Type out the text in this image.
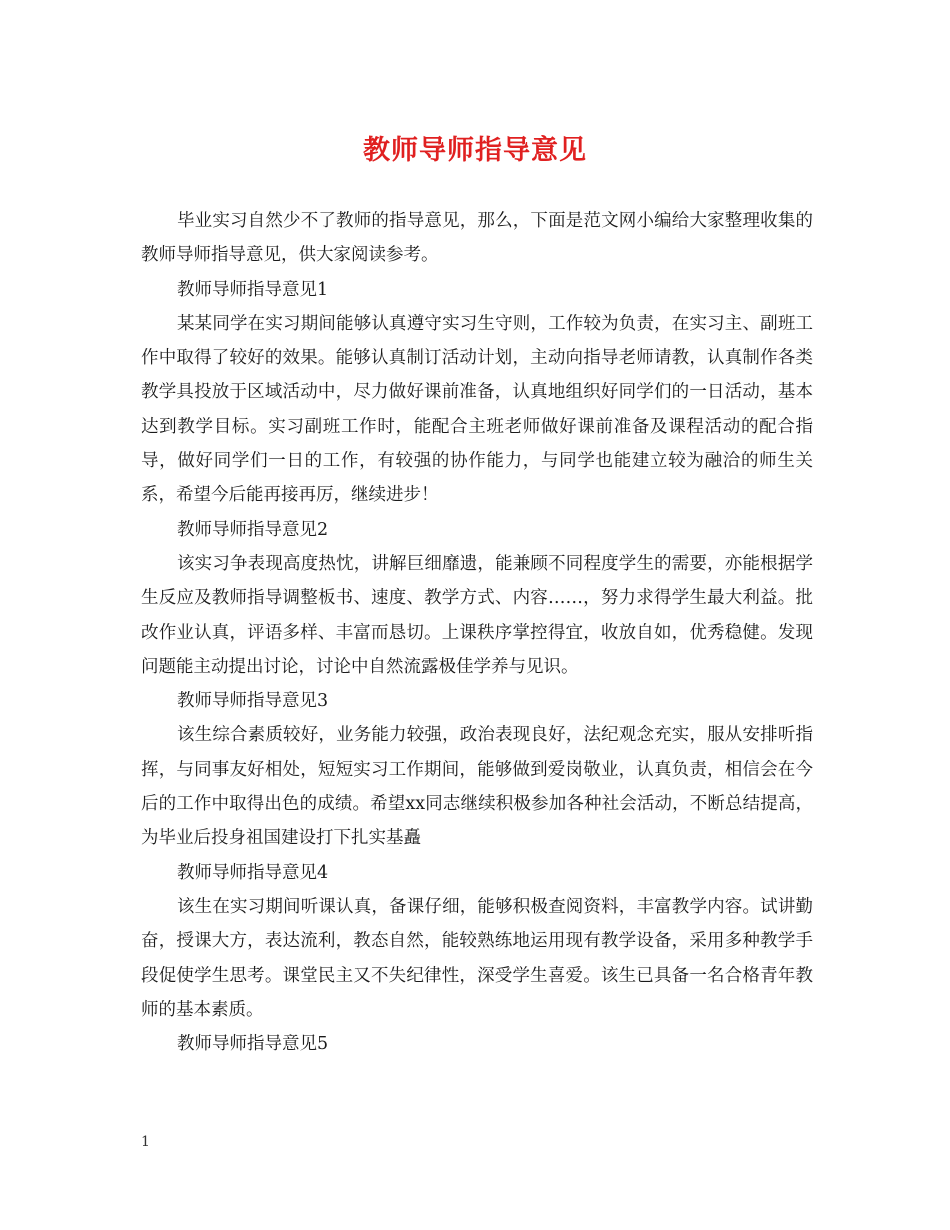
教师导师指导意见

毕业实习自然少不了教师的指导意见，那么，下面是范文网小编给大家整理收集的教师导师指导意见，供大家阅读参考。

教师导师指导意见1

某某同学在实习期间能够认真遵守实习生守则，工作较为负责，在实习主、副班工作中取得了较好的效果。能够认真制订活动计划，主动向指导老师请教，认真制作各类教学具投放于区域活动中，尽力做好课前准备，认真地组织好同学们的一日活动，基本达到教学目标。实习副班工作时，能配合主班老师做好课前准备及课程活动的配合指导，做好同学们一日的工作，有较强的协作能力，与同学也能建立较为融洽的师生关系，希望今后能再接再厉，继续进步！

教师导师指导意见2

该实习争表现高度热忱，讲解巨细靡遗，能兼顾不同程度学生的需要，亦能根据学生反应及教师指导调整板书、速度、教学方式、内容……，努力求得学生最大利益。批改作业认真，评语多样、丰富而恳切。上课秩序掌控得宜，收放自如，优秀稳健。发现问题能主动提出讨论，讨论中自然流露极佳学养与见识。

教师导师指导意见3

该生综合素质较好，业务能力较强，政治表现良好，法纪观念充实，服从安排听指挥，与同事友好相处，短短实习工作期间，能够做到爱岗敬业，认真负责，相信会在今后的工作中取得出色的成绩。希望xx同志继续积极参加各种社会活动，不断总结提高，为毕业后投身祖国建设打下扎实基矗

教师导师指导意见4

该生在实习期间听课认真，备课仔细，能够积极查阅资料，丰富教学内容。试讲勤奋，授课大方，表达流利，教态自然，能较熟练地运用现有教学设备，采用多种教学手段促使学生思考。课堂民主又不失纪律性，深受学生喜爱。该生已具备一名合格青年教师的基本素质。

教师导师指导意见5

1
